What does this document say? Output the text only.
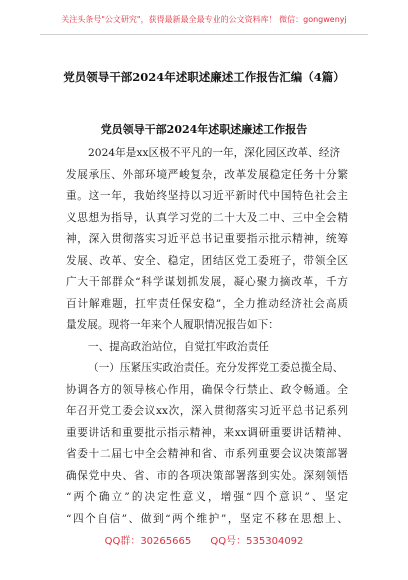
关注头条号"公文研究"，获得最新最全最专业的公文资料库！ 微信：gongwenyj
党员领导干部2024年述职述廉述工作报告汇编（4篇）
党员领导干部2024年述职述廉述工作报告
2024年是xx区极不平凡的一年，深化园区改革、经济
发展承压、外部环境严峻复杂，改革发展稳定任务十分繁
重。这一年，我始终坚持以习近平新时代中国特色社会主
义思想为指导，认真学习党的二十大及二中、三中全会精
神，深入贯彻落实习近平总书记重要指示批示精神，统筹
发展、改革、安全、稳定，团结区党工委班子，带领全区
广大干部群众“科学谋划抓发展，凝心聚力摘改革，千方
百计解难题，扛牢责任保安稳”，全力推动经济社会高质
量发展。现将一年来个人履职情况报告如下：
一、提高政治站位，自觉扛牢政治责任
（一）压紧压实政治责任。充分发挥党工委总揽全局、
协调各方的领导核心作用，确保令行禁止、政令畅通。全
年召开党工委会议xx次，深入贯彻落实习近平总书记系列
重要讲话和重要批示指示精神，来xx调研重要讲话精神、
省委十二届七中全会精神和省、市系列重要会议决策部署
确保党中央、省、市的各项决策部署落到实处。深刻领悟
“两个确立”的决定性意义，增强“四个意识”、坚定
“四个自信”、做到“两个维护”，坚定不移在思想上、
QQ群：30265665 QQ号：535304092
